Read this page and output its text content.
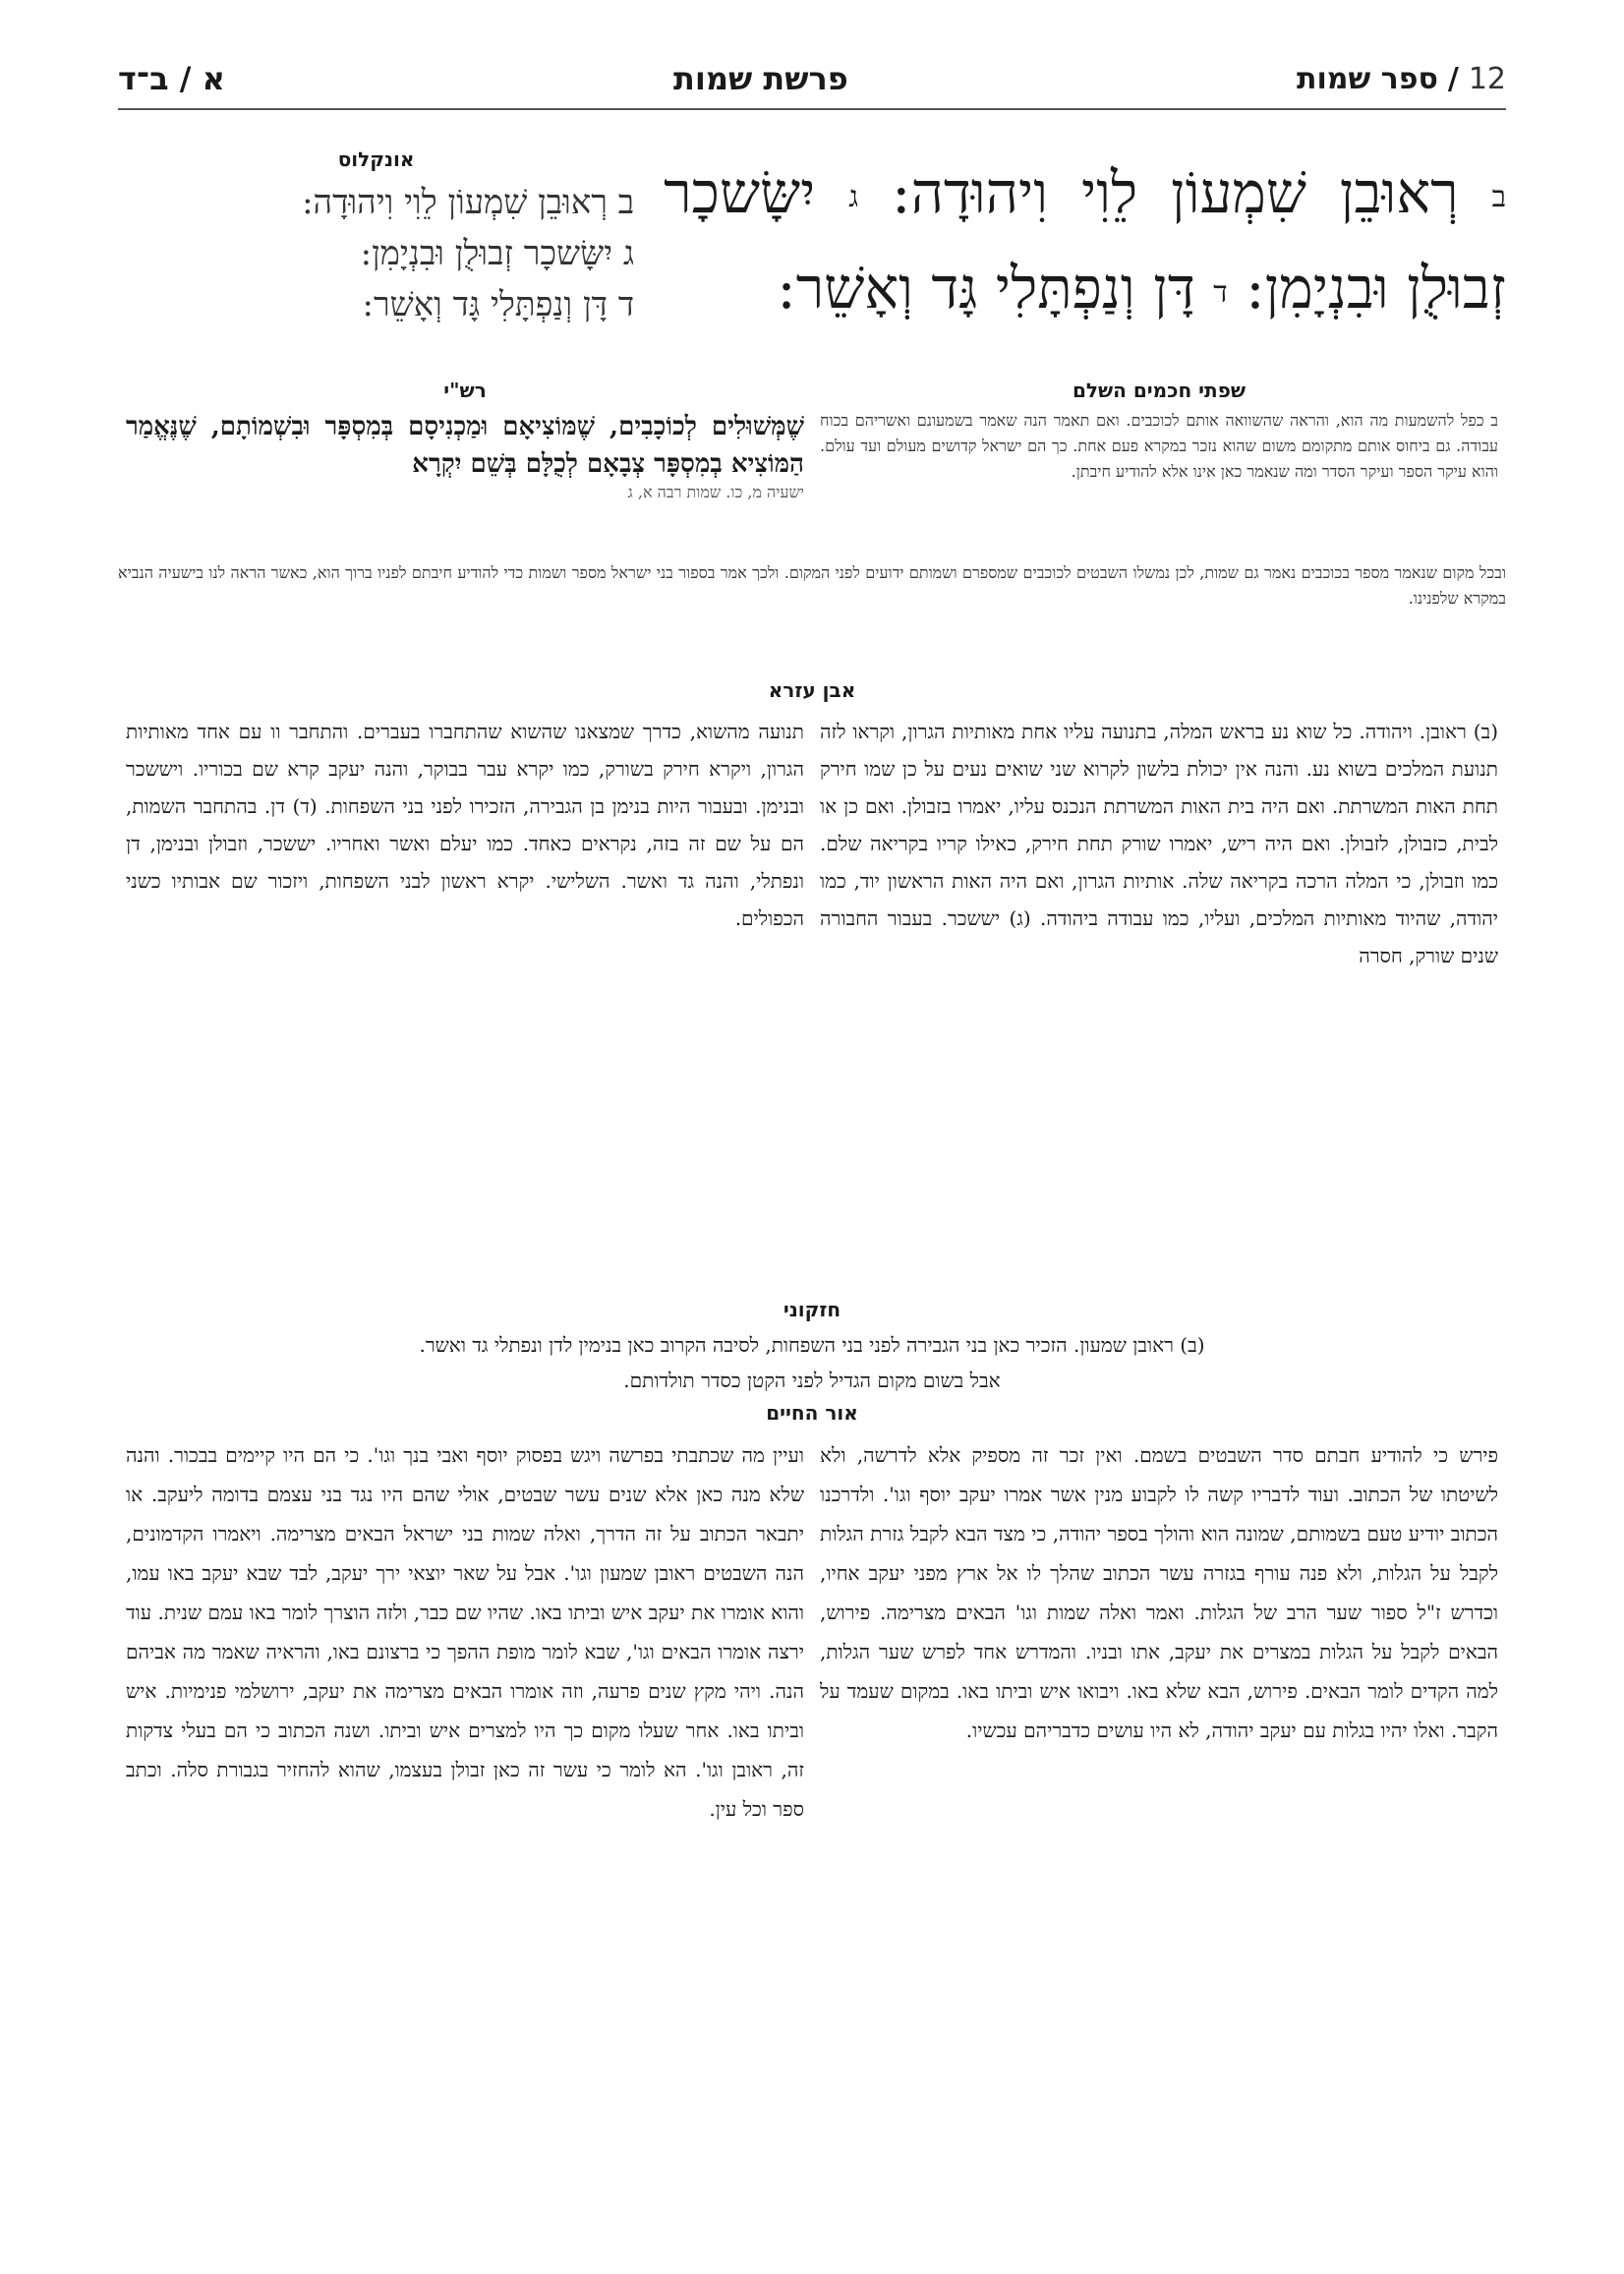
12
/
ספר שמות
פרשת שמות
א / ב־ד
ב רְאוּבֵן שִׁמְעוֹן לֵוִי וִיהוּדָה: ג יִשָּׂשכָר זְבוּלֻן וּבִנְיָמִן: ד דָּן וְנַפְתָּלִי גָּד וְאָשֵׁר:
אונקלוס
ב רְאוּבֵן שִׁמְעוֹן לֵוִי וִיהוּדָה:
ג יִשָּׂשכָר זְבוּלֻן וּבִנְיָמִן:
ד דָּן וְנַפְתָּלִי גָּד וְאָשֵׁר:
שפתי חכמים השלם
ב כפל להשמעות מה הוא, והראה שהשוואה אותם לכוכבים. ואם תאמר הנה שאמר בשמעונם ואשריהם בכוח עבודה. גם ביחוס אותם מתקומם משום שהוא נזכר במקרא פעם אחת. כך הם ישראל קדושים מעולם ועד עולם. והוא עיקר הספר ועיקר הסדר ומה שנאמר כאן אינו אלא להודיע חיבתן.
רש"י
שֶׁמְּשׁוּלִים לְכוֹכָבִים, שֶׁמּוֹצִיאָם וּמַכְנִיסָם בְּמִסְפָּר וּבִשְׁמוֹתָם, שֶׁנֶּאֱמַר הַמּוֹצִיא בְמִסְפָּר צְבָאָם לְכֻלָּם בְּשֵׁם יִקְרָא
ישעיה מ, כו. שמות רבה א, ג
ובכל מקום שנאמר מספר בכוכבים נאמר גם שמות, לכן נמשלו השבטים לכוכבים שמספרם ושמותם ידועים לפני המקום. ולכך אמר בספור בני ישראל מספר ושמות כדי להודיע חיבתם לפניו ברוך הוא, כאשר הראה לנו בישעיה הנביא במקרא שלפנינו.
אבן עזרא
(ב) ראובן. ויהודה. כל שוא נע בראש המלה, בתנועה עליו אחת מאותיות הגרון, וקראו לזה תנועת המלכים בשוא נע. והנה אין יכולת בלשון לקרוא שני שואים נעים על כן שמו חירק תחת האות המשרתת. ואם היה בית האות המשרתת הנכנס עליו, יאמרו בזבולן. ואם כן או לבית, כזבולן, לזבולן. ואם היה ריש, יאמרו שורק תחת חירק, כאילו קריו בקריאה שלם. כמו וזבולן, כי המלה הרכה בקריאה שלה. אותיות הגרון, ואם היה האות הראשון יוד, כמו יהודה, שהיוד מאותיות המלכים, ועליו, כמו עבודה ביהודה. (ג) יששכר. בעבור החבורה שנים שורק, חסרה
תנועה מהשוא, כדרך שמצאנו שהשוא שהתחברו בעברים. והתחבר וו עם אחד מאותיות הגרון, ויקרא חירק בשורק, כמו יקרא עבר בבוקר, והנה יעקב קרא שם בכוריו. ויששכר ובנימן. ובעבור היות בנימן בן הגבירה, הזכירו לפני בני השפחות. (ד) דן. בהתחבר השמות, הם על שם זה בזה, נקראים כאחד. כמו יעלם ואשר ואחריו. יששכר, וזבולן ובנימן, דן ונפתלי, והנה גד ואשר. השלישי. יקרא ראשון לבני השפחות, ויזכור שם אבותיו כשני הכפולים.
חזקוני
(ב) ראובן שמעון. הזכיר כאן בני הגבירה לפני בני השפחות, לסיבה הקרוב כאן בנימין לדן ונפתלי גד ואשר.
אבל בשום מקום הגדיל לפני הקטן כסדר תולדותם.
אור החיים
פירש כי להודיע חבתם סדר השבטים בשמם. ואין זכר זה מספיק אלא לדרשה, ולא לשיטתו של הכתוב. ועוד לדבריו קשה לו לקבוע מנין אשר אמרו יעקב יוסף וגו'. ולדרכנו הכתוב יודיע טעם בשמותם, שמונה הוא והולך בספר יהודה, כי מצד הבא לקבל גזרת הגלות לקבל על הגלות, ולא פנה עורף בגזרה עשר הכתוב שהלך לו אל ארץ מפני יעקב אחיו, וכדרש ז"ל ספור שער הרב של הגלות. ואמר ואלה שמות וגו' הבאים מצרימה. פירוש, הבאים לקבל על הגלות במצרים את יעקב, אתו ובניו. והמדרש אחד לפרש שער הגלות, למה הקדים לומר הבאים. פירוש, הבא שלא באו. ויבואו איש וביתו באו. במקום שעמד על הקבר. ואלו יהיו בגלות עם יעקב יהודה, לא היו עושים כדבריהם עכשיו.
ועיין מה שכתבתי בפרשה ויגש בפסוק יוסף ואבי בנך וגו'. כי הם היו קיימים בבכור. והנה שלא מנה כאן אלא שנים עשר שבטים, אולי שהם היו נגד בני עצמם בדומה ליעקב. או יתבאר הכתוב על זה הדרך, ואלה שמות בני ישראל הבאים מצרימה. ויאמרו הקדמונים, הנה השבטים ראובן שמעון וגו'. אבל על שאר יוצאי ירך יעקב, לבד שבא יעקב באו עמו, והוא אומרו את יעקב איש וביתו באו. שהיו שם כבר, ולזה הוצרך לומר באו עמם שנית. עוד ירצה אומרו הבאים וגו', שבא לומר מופת ההפך כי ברצונם באו, והראיה שאמר מה אביהם הנה. ויהי מקץ שנים פרעה, וזה אומרו הבאים מצרימה את יעקב, ירושלמי פנימיות. איש וביתו באו. אחר שעלו מקום כך היו למצרים איש וביתו. ושנה הכתוב כי הם בעלי צדקות זה, ראובן וגו'. הא לומר כי עשר זה כאן זבולן בעצמו, שהוא להחזיר בגבורת סלה. וכתב ספר וכל עין.
